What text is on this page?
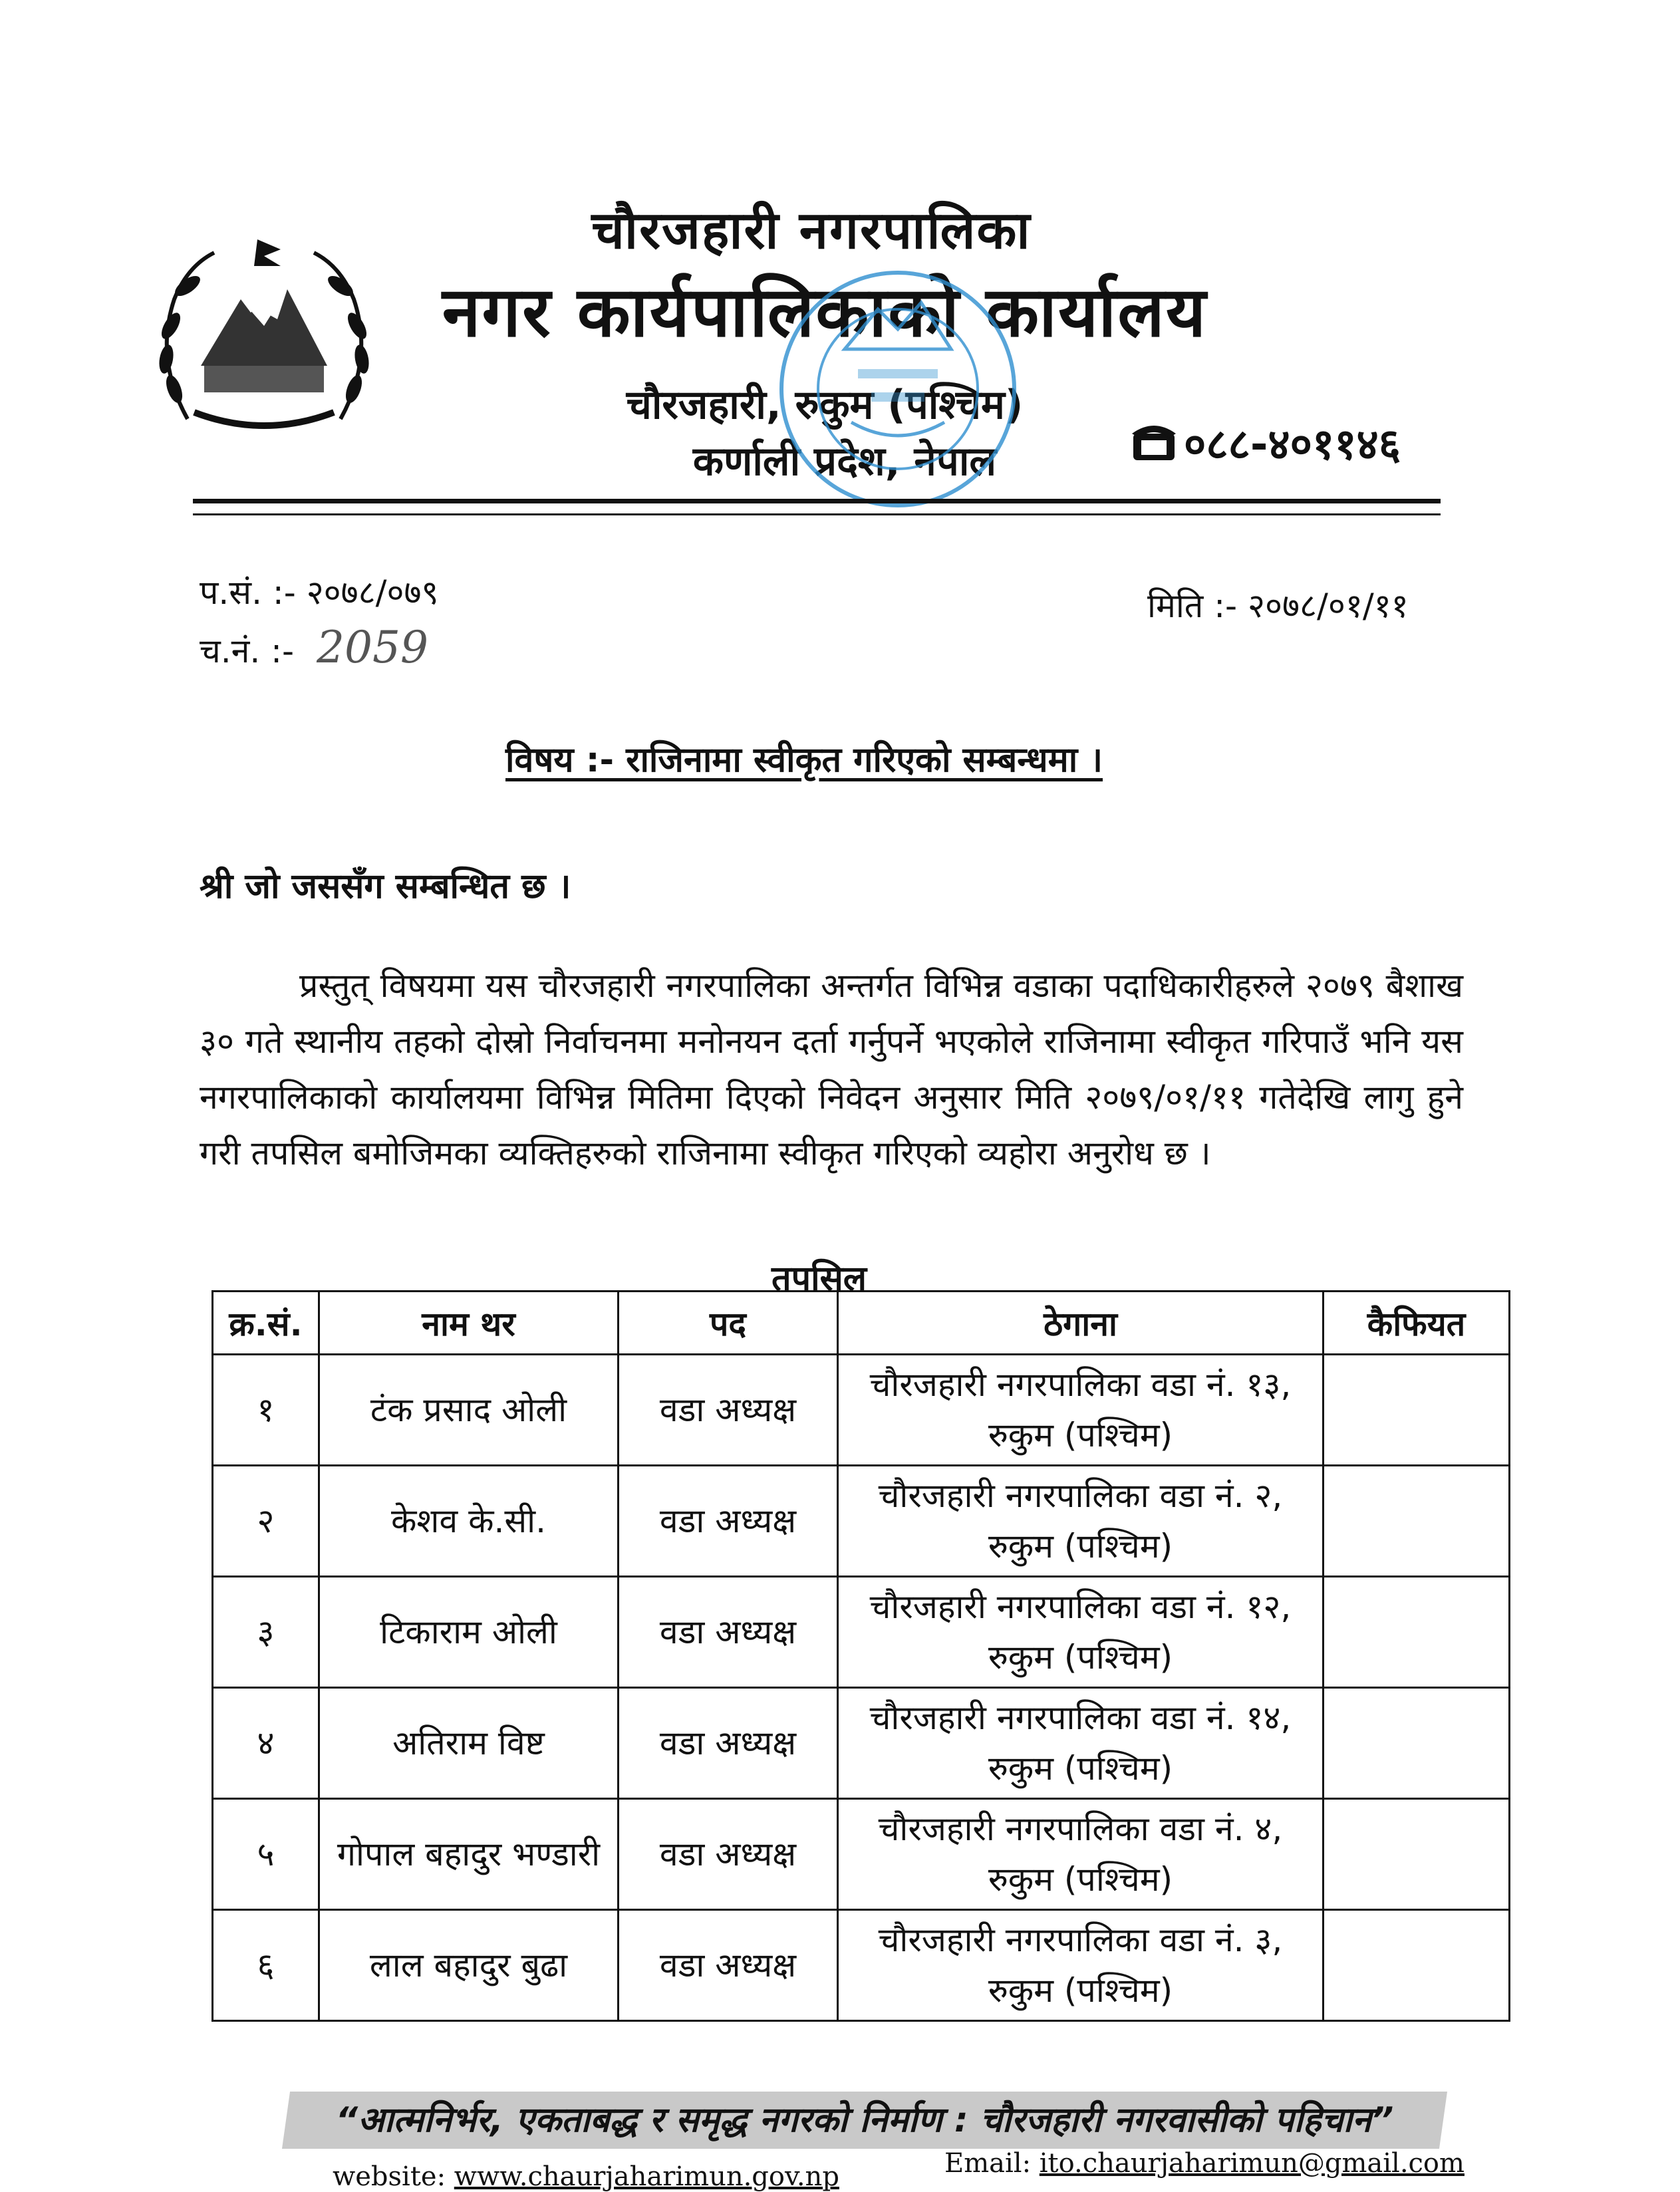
चौरजहारी नगरपालिका
नगर कार्यपालिकाको कार्यालय
चौरजहारी, रुकुम (पश्चिम)
कर्णाली प्रदेश, नेपाल	०८८-४०११४६
प.सं. :- २०७८/०७९
च.नं. :- 2059
मिति :- २०७८/०१/११
विषय :- राजिनामा स्वीकृत गरिएको सम्बन्धमा ।
श्री जो जससँग सम्बन्धित छ ।
प्रस्तुत् विषयमा यस चौरजहारी नगरपालिका अन्तर्गत विभिन्न वडाका पदाधिकारीहरुले २०७९ बैशाख ३० गते स्थानीय तहको दोस्रो निर्वाचनमा मनोनयन दर्ता गर्नुपर्ने भएकोले राजिनामा स्वीकृत गरिपाउँ भनि यस नगरपालिकाको कार्यालयमा विभिन्न मितिमा दिएको निवेदन अनुसार मिति २०७९/०१/११ गतेदेखि लागु हुने गरी तपसिल बमोजिमका व्यक्तिहरुको राजिनामा स्वीकृत गरिएको व्यहोरा अनुरोध छ ।
तपसिल
क्र.सं.	नाम थर	पद	ठेगाना	कैफियत
१	टंक प्रसाद ओली	वडा अध्यक्ष	चौरजहारी नगरपालिका वडा नं. १३,
रुकुम (पश्चिम)	

२	केशव के.सी.	वडा अध्यक्ष	चौरजहारी नगरपालिका वडा नं. २,
रुकुम (पश्चिम)	

३	टिकाराम ओली	वडा अध्यक्ष	चौरजहारी नगरपालिका वडा नं. १२,
रुकुम (पश्चिम)	

४	अतिराम विष्ट	वडा अध्यक्ष	चौरजहारी नगरपालिका वडा नं. १४,
रुकुम (पश्चिम)	

५	गोपाल बहादुर भण्डारी	वडा अध्यक्ष	चौरजहारी नगरपालिका वडा नं. ४,
रुकुम (पश्चिम)	

६	लाल बहादुर बुढा	वडा अध्यक्ष	चौरजहारी नगरपालिका वडा नं. ३,
रुकुम (पश्चिम)	

“आत्मनिर्भर, एकताबद्ध र समृद्ध नगरको निर्माण : चौरजहारी नगरवासीको पहिचान”
Email: ito.chaurjaharimun@gmail.com
website: www.chaurjaharimun.gov.np
